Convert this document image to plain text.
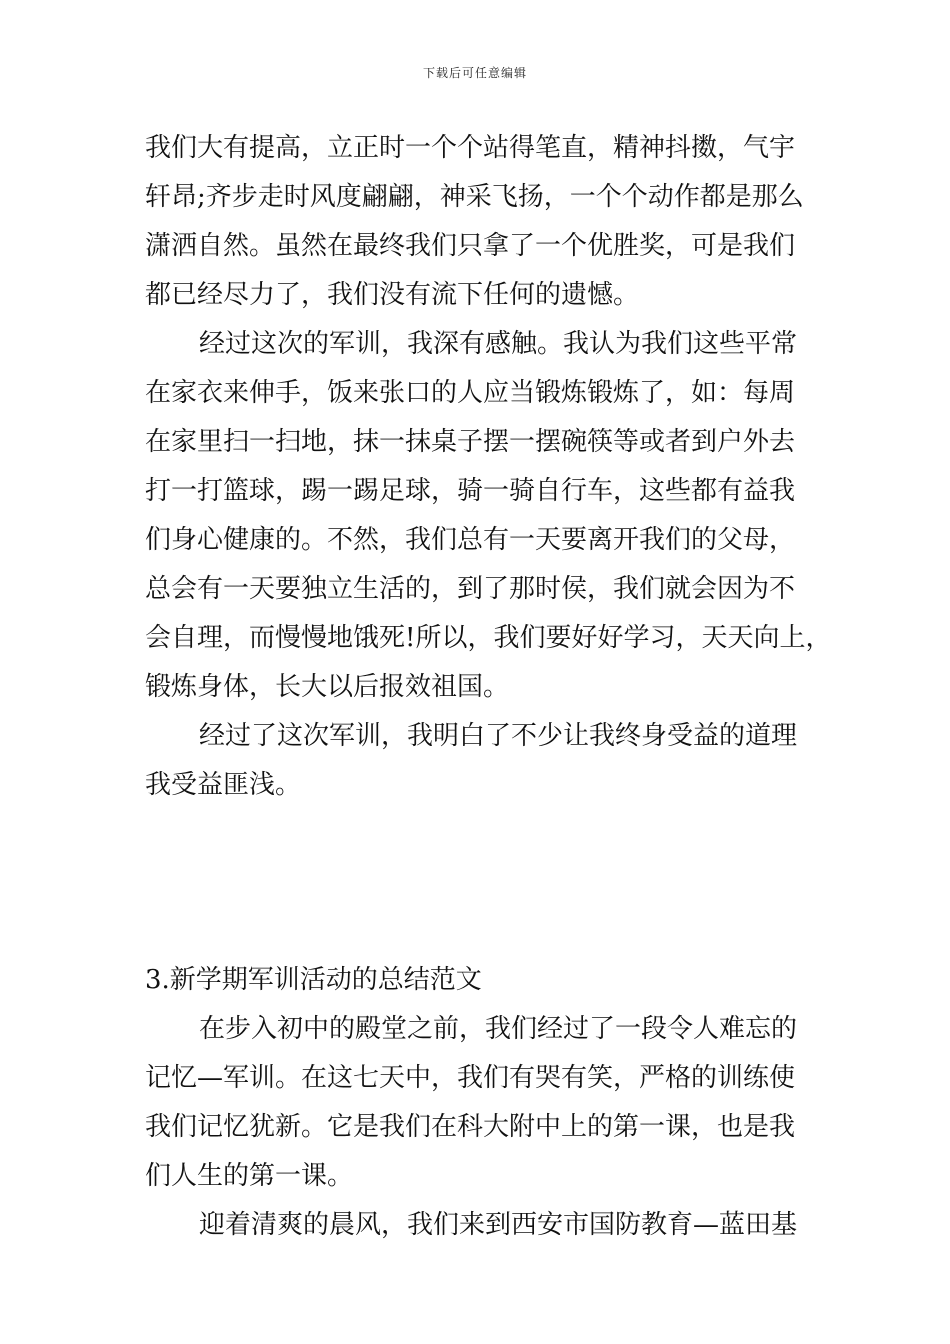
下载后可任意编辑
我们大有提高，立正时一个个站得笔直，精神抖擞，气宇
轩昂;齐步走时风度翩翩，神采飞扬，一个个动作都是那么
潇洒自然。虽然在最终我们只拿了一个优胜奖，可是我们
都已经尽力了，我们没有流下任何的遗憾。
经过这次的军训，我深有感触。我认为我们这些平常
在家衣来伸手，饭来张口的人应当锻炼锻炼了，如：每周
在家里扫一扫地，抹一抹桌子摆一摆碗筷等或者到户外去
打一打篮球，踢一踢足球，骑一骑自行车，这些都有益我
们身心健康的。不然，我们总有一天要离开我们的父母，
总会有一天要独立生活的，到了那时侯，我们就会因为不
会自理，而慢慢地饿死!所以，我们要好好学习，天天向上，
锻炼身体，长大以后报效祖国。
经过了这次军训，我明白了不少让我终身受益的道理
我受益匪浅。
3.新学期军训活动的总结范文
在步入初中的殿堂之前，我们经过了一段令人难忘的
记忆—军训。在这七天中，我们有哭有笑，严格的训练使
我们记忆犹新。它是我们在科大附中上的第一课，也是我
们人生的第一课。
迎着清爽的晨风，我们来到西安市国防教育—蓝田基
